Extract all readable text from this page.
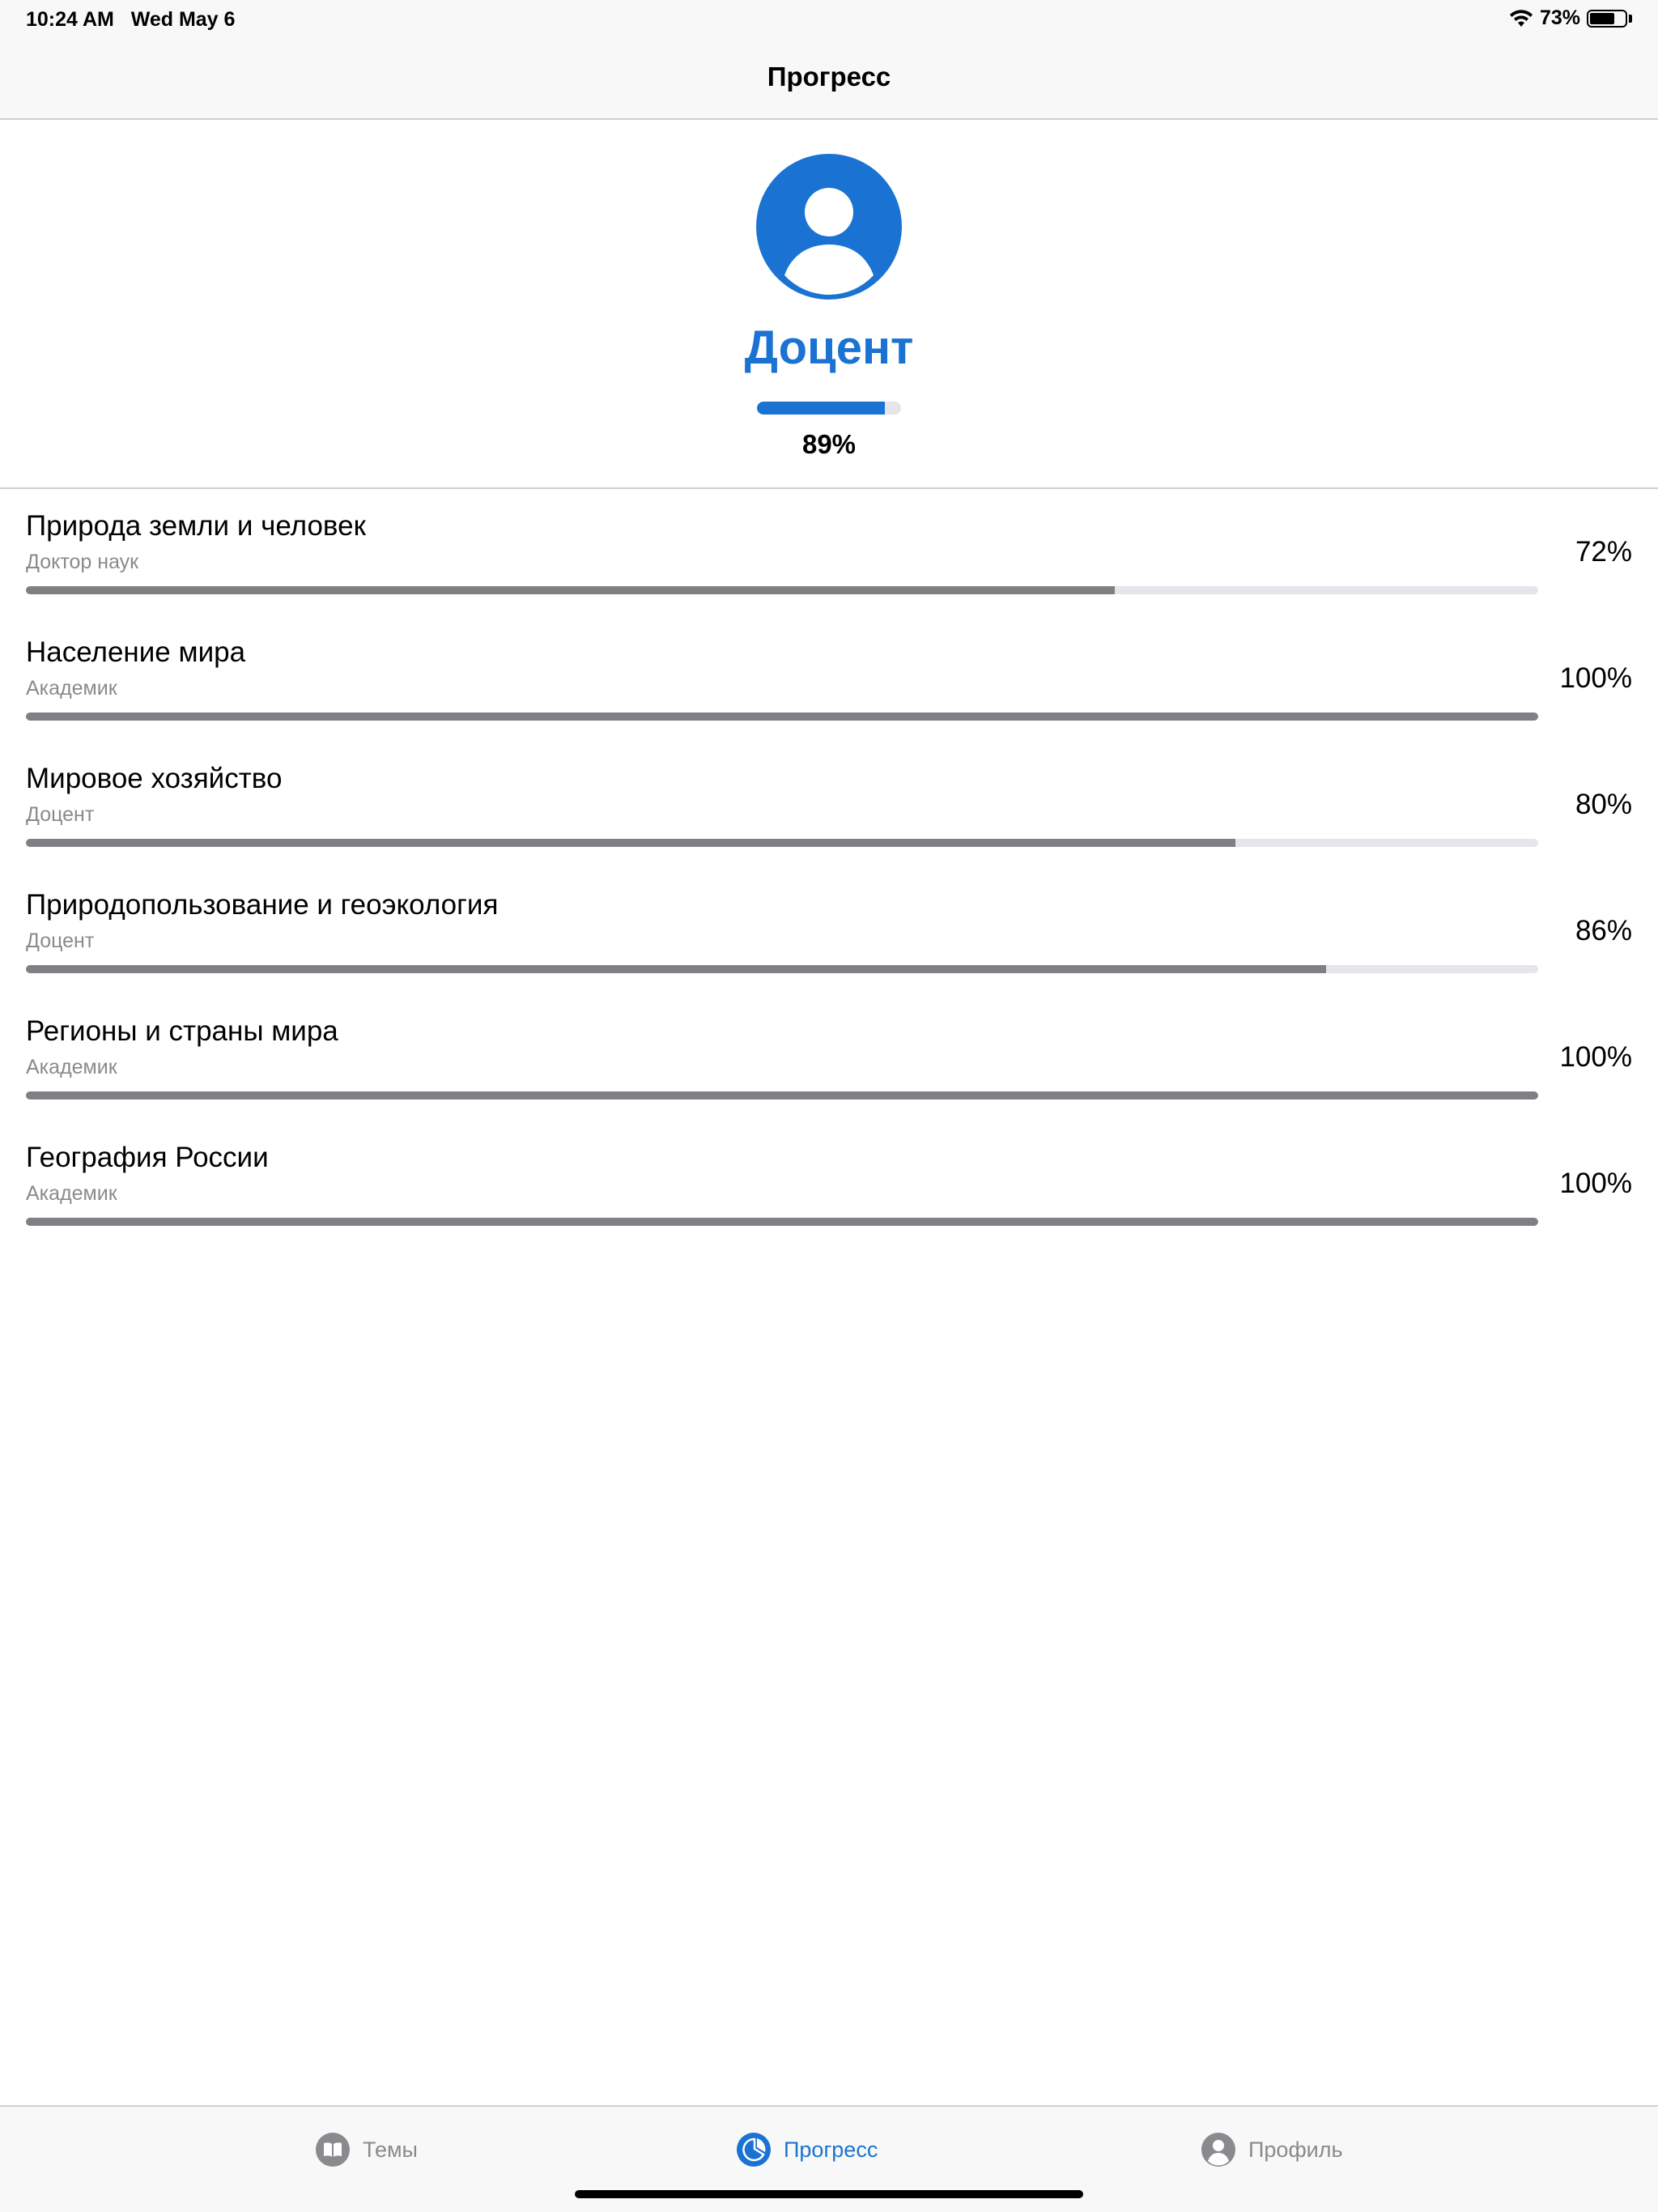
10:24 AM Wed May 6	73%
Прогресс
Доцент
89%
Природа земли и человек
Доктор наук	72%
Население мира
Академик	100%
Мировое хозяйство
Доцент	80%
Природопользование и геоэкология
Доцент	86%
Регионы и страны мира
Академик	100%
География России
Академик	100%
Темы	Прогресс	Профиль
